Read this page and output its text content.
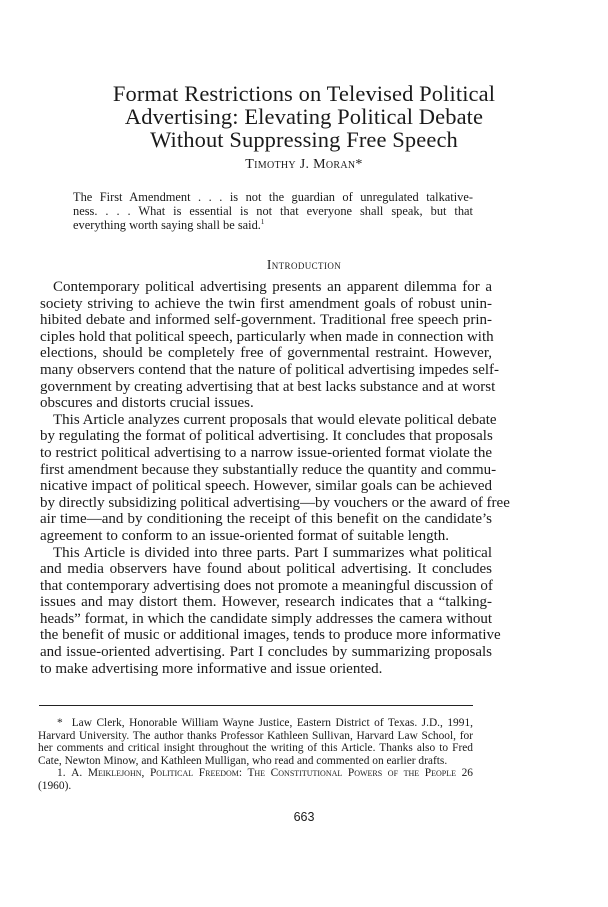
Format Restrictions on Televised Political
Advertising: Elevating Political Debate
Without Suppressing Free Speech
Timothy J. Moran*
The First Amendment . . . is not the guardian of unregulated talkative-
ness. . . . What is essential is not that everyone shall speak, but that
everything worth saying shall be said.$^1$
Introduction
Contemporary political advertising presents an apparent dilemma for a
society striving to achieve the twin first amendment goals of robust unin-
hibited debate and informed self-government. Traditional free speech prin-
ciples hold that political speech, particularly when made in connection with
elections, should be completely free of governmental restraint. However,
many observers contend that the nature of political advertising impedes self-
government by creating advertising that at best lacks substance and at worst
obscures and distorts crucial issues.
This Article analyzes current proposals that would elevate political debate
by regulating the format of political advertising. It concludes that proposals
to restrict political advertising to a narrow issue-oriented format violate the
first amendment because they substantially reduce the quantity and commu-
nicative impact of political speech. However, similar goals can be achieved
by directly subsidizing political advertising—by vouchers or the award of free
air time—and by conditioning the receipt of this benefit on the candidate’s
agreement to conform to an issue-oriented format of suitable length.
This Article is divided into three parts. Part I summarizes what political
and media observers have found about political advertising. It concludes
that contemporary advertising does not promote a meaningful discussion of
issues and may distort them. However, research indicates that a “talking-
heads” format, in which the candidate simply addresses the camera without
the benefit of music or additional images, tends to produce more informative
and issue-oriented advertising. Part I concludes by summarizing proposals
to make advertising more informative and issue oriented.
* Law Clerk, Honorable William Wayne Justice, Eastern District of Texas. J.D., 1991,
Harvard University. The author thanks Professor Kathleen Sullivan, Harvard Law School, for
her comments and critical insight throughout the writing of this Article. Thanks also to Fred
Cate, Newton Minow, and Kathleen Mulligan, who read and commented on earlier drafts.
1. A. Meiklejohn, Political Freedom: The Constitutional Powers of the People 26
(1960).
663
